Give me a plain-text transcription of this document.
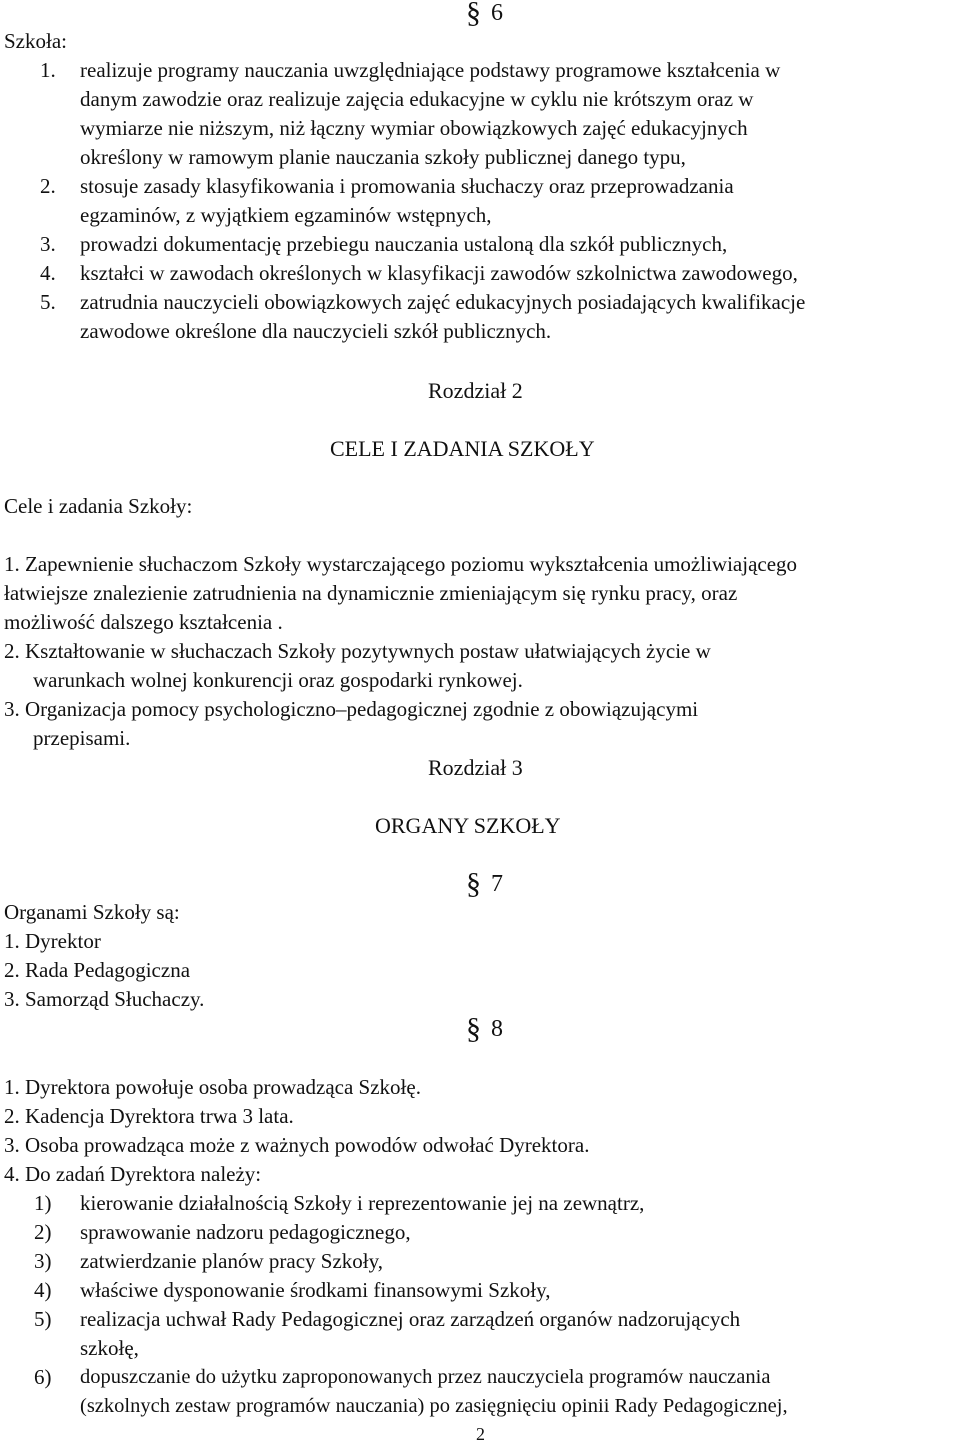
§ 6
Szkoła:
1. realizuje programy nauczania uwzględniające podstawy programowe kształcenia w
danym zawodzie oraz realizuje zajęcia edukacyjne w cyklu nie krótszym oraz w
wymiarze nie niższym, niż łączny wymiar obowiązkowych zajęć edukacyjnych
określony w ramowym planie nauczania szkoły publicznej danego typu,
2. stosuje zasady klasyfikowania i promowania słuchaczy oraz przeprowadzania
egzaminów, z wyjątkiem egzaminów wstępnych,
3. prowadzi dokumentację przebiegu nauczania ustaloną dla szkół publicznych,
4. kształci w zawodach określonych w klasyfikacji zawodów szkolnictwa zawodowego,
5. zatrudnia nauczycieli obowiązkowych zajęć edukacyjnych posiadających kwalifikacje
zawodowe określone dla nauczycieli szkół publicznych.
Rozdział 2
CELE I ZADANIA SZKOŁY
Cele i zadania Szkoły:
1. Zapewnienie słuchaczom Szkoły wystarczającego poziomu wykształcenia umożliwiającego
łatwiejsze znalezienie zatrudnienia na dynamicznie zmieniającym się rynku pracy, oraz
możliwość dalszego kształcenia .
2. Kształtowanie w słuchaczach Szkoły pozytywnych postaw ułatwiających życie w
warunkach wolnej konkurencji oraz gospodarki rynkowej.
3. Organizacja pomocy psychologiczno–pedagogicznej zgodnie z obowiązującymi
przepisami.
Rozdział 3
ORGANY SZKOŁY
§ 7
Organami Szkoły są:
1. Dyrektor
2. Rada Pedagogiczna
3. Samorząd Słuchaczy.
§ 8
1. Dyrektora powołuje osoba prowadząca Szkołę.
2. Kadencja Dyrektora trwa 3 lata.
3. Osoba prowadząca może z ważnych powodów odwołać Dyrektora.
4. Do zadań Dyrektora należy:
1) kierowanie działalnością Szkoły i reprezentowanie jej na zewnątrz,
2) sprawowanie nadzoru pedagogicznego,
3) zatwierdzanie planów pracy Szkoły,
4) właściwe dysponowanie środkami finansowymi Szkoły,
5) realizacja uchwał Rady Pedagogicznej oraz zarządzeń organów nadzorujących
szkołę,
6) dopuszczanie do użytku zaproponowanych przez nauczyciela programów nauczania
(szkolnych zestaw programów nauczania) po zasięgnięciu opinii Rady Pedagogicznej,
2
